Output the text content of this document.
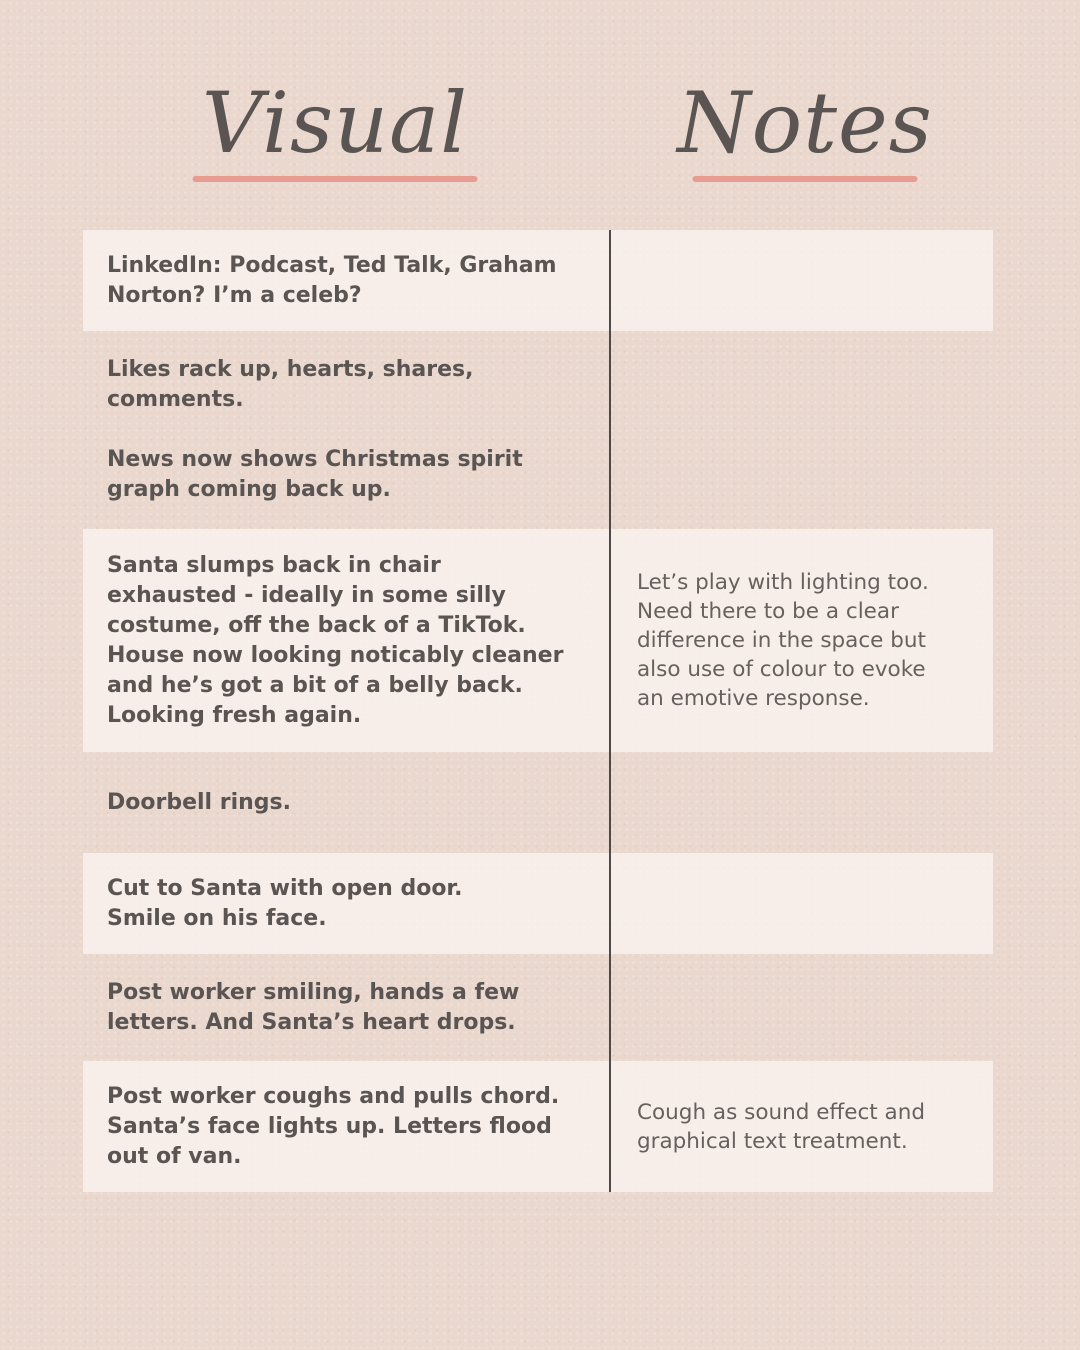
Visual	Notes
LinkedIn: Podcast, Ted Talk, Graham
Norton? I’m a celeb?
Likes rack up, hearts, shares,
comments.

News now shows Christmas spirit
graph coming back up.
Santa slumps back in chair
exhausted - ideally in some silly
costume, off the back of a TikTok.
House now looking noticably cleaner
and he’s got a bit of a belly back.
Looking fresh again.
Let’s play with lighting too.
Need there to be a clear
difference in the space but
also use of colour to evoke
an emotive response.
Doorbell rings.
Cut to Santa with open door.
Smile on his face.
Post worker smiling, hands a few
letters. And Santa’s heart drops.
Post worker coughs and pulls chord.
Santa’s face lights up. Letters flood
out of van.
Cough as sound effect and
graphical text treatment.
